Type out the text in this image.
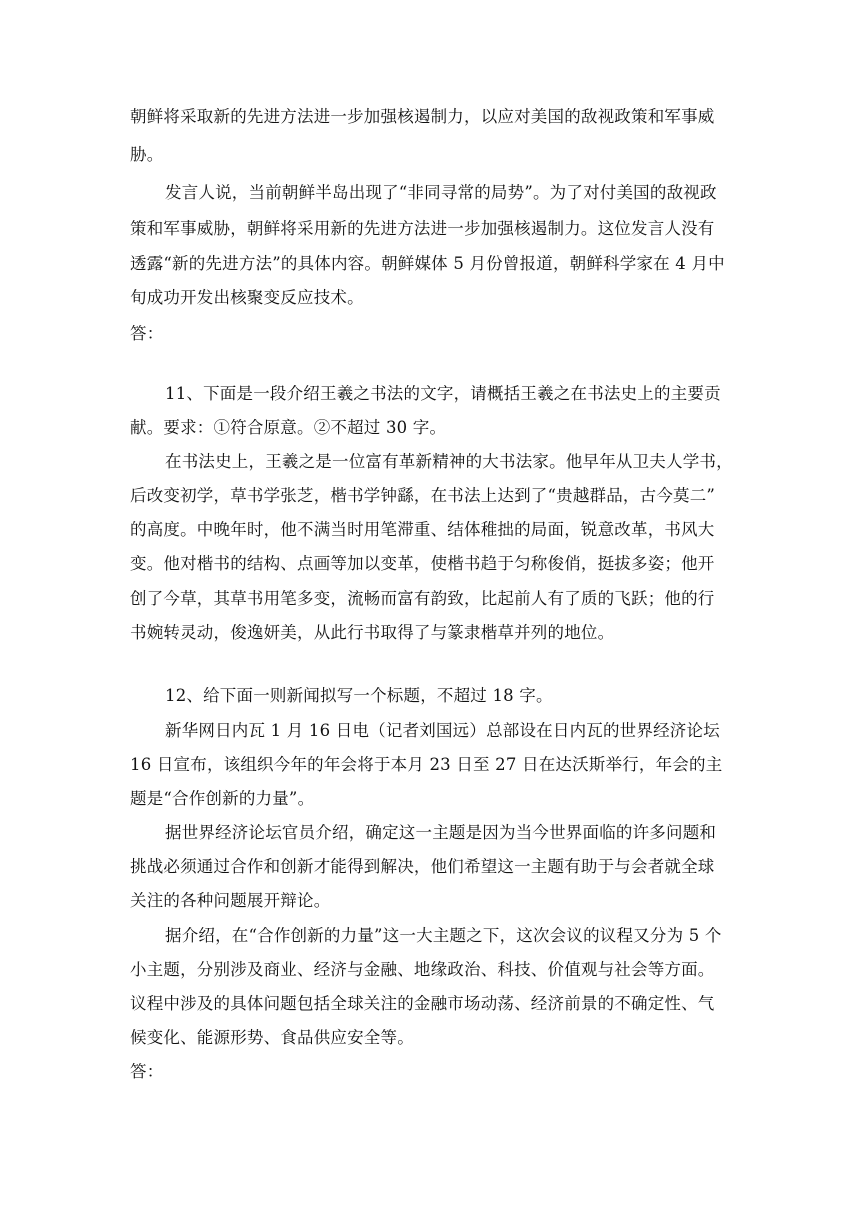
朝鲜将采取新的先进方法进一步加强核遏制力，以应对美国的敌视政策和军事威
胁。
发言人说，当前朝鲜半岛出现了“非同寻常的局势”。为了对付美国的敌视政
策和军事威胁，朝鲜将采用新的先进方法进一步加强核遏制力。这位发言人没有
透露“新的先进方法”的具体内容。朝鲜媒体 5 月份曾报道，朝鲜科学家在 4 月中
旬成功开发出核聚变反应技术。
答：
11、下面是一段介绍王羲之书法的文字，请概括王羲之在书法史上的主要贡
献。要求：①符合原意。②不超过 30 字。
在书法史上，王羲之是一位富有革新精神的大书法家。他早年从卫夫人学书，
后改变初学，草书学张芝，楷书学钟繇，在书法上达到了“贵越群品，古今莫二”
的高度。中晚年时，他不满当时用笔滞重、结体稚拙的局面，锐意改革，书风大
变。他对楷书的结构、点画等加以变革，使楷书趋于匀称俊俏，挺拔多姿；他开
创了今草，其草书用笔多变，流畅而富有韵致，比起前人有了质的飞跃；他的行
书婉转灵动，俊逸妍美，从此行书取得了与篆隶楷草并列的地位。
12、给下面一则新闻拟写一个标题，不超过 18 字。
新华网日内瓦 1 月 16 日电（记者刘国远）总部设在日内瓦的世界经济论坛
16 日宣布，该组织今年的年会将于本月 23 日至 27 日在达沃斯举行，年会的主
题是“合作创新的力量”。
据世界经济论坛官员介绍，确定这一主题是因为当今世界面临的许多问题和
挑战必须通过合作和创新才能得到解决，他们希望这一主题有助于与会者就全球
关注的各种问题展开辩论。
据介绍，在“合作创新的力量”这一大主题之下，这次会议的议程又分为 5 个
小主题，分别涉及商业、经济与金融、地缘政治、科技、价值观与社会等方面。
议程中涉及的具体问题包括全球关注的金融市场动荡、经济前景的不确定性、气
候变化、能源形势、食品供应安全等。
答：
